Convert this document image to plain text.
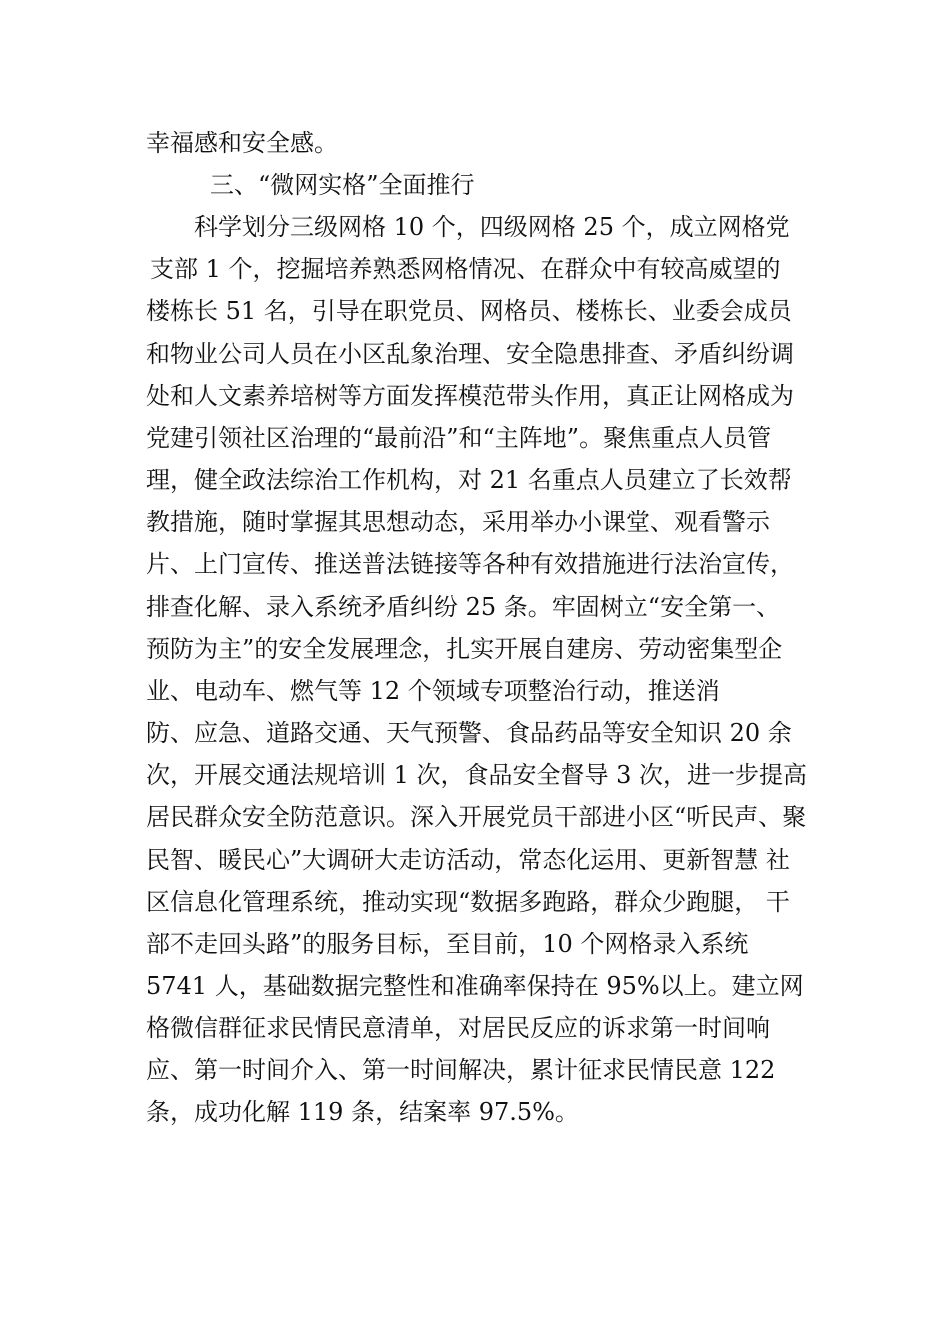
幸福感和安全感。
三、“微网实格”全面推行
科学划分三级网格 10 个，四级网格 25 个，成立网格党
支部 1 个，挖掘培养熟悉网格情况、在群众中有较高威望的
楼栋长 51 名，引导在职党员、网格员、楼栋长、业委会成员
和物业公司人员在小区乱象治理、安全隐患排查、矛盾纠纷调
处和人文素养培树等方面发挥模范带头作用，真正让网格成为
党建引领社区治理的“最前沿”和“主阵地”。聚焦重点人员管
理，健全政法综治工作机构，对 21 名重点人员建立了长效帮
教措施，随时掌握其思想动态，采用举办小课堂、观看警示
片、上门宣传、推送普法链接等各种有效措施进行法治宣传，
排查化解、录入系统矛盾纠纷 25 条。牢固树立“安全第一、
预防为主”的安全发展理念，扎实开展自建房、劳动密集型企
业、电动车、燃气等 12 个领域专项整治行动，推送消
防、应急、道路交通、天气预警、食品药品等安全知识 20 余
次，开展交通法规培训 1 次，食品安全督导 3 次，进一步提高
居民群众安全防范意识。深入开展党员干部进小区“听民声、聚
民智、暖民心”大调研大走访活动，常态化运用、更新智慧 社
区信息化管理系统，推动实现“数据多跑路，群众少跑腿， 干
部不走回头路”的服务目标，至目前，10 个网格录入系统
5741 人，基础数据完整性和准确率保持在 95%以上。建立网
格微信群征求民情民意清单，对居民反应的诉求第一时间响
应、第一时间介入、第一时间解决，累计征求民情民意 122
条，成功化解 119 条，结案率 97.5%。
